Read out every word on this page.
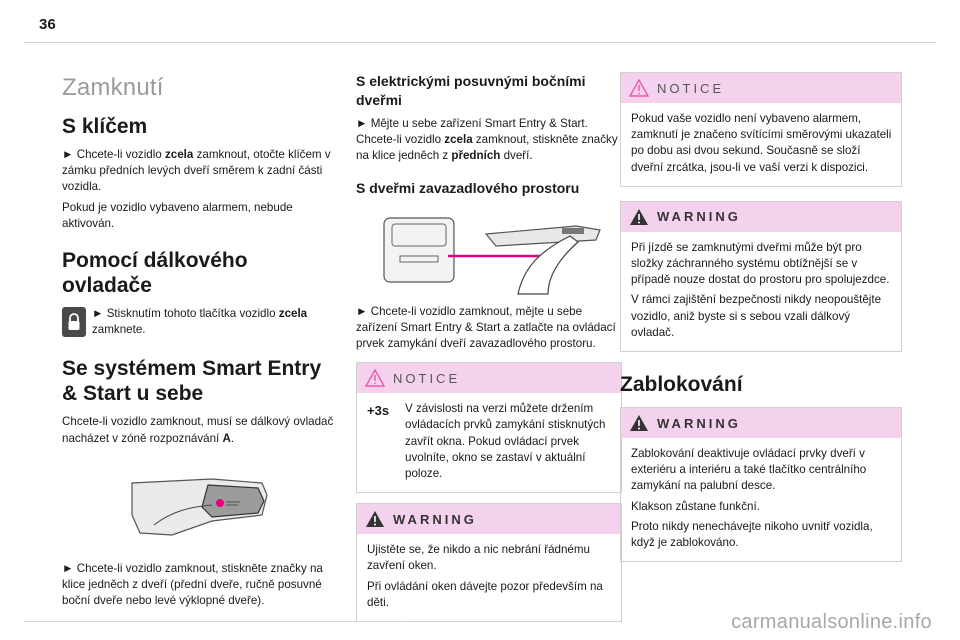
36
Zamknutí
S klíčem

► Chcete-li vozidlo zcela zamknout, otočte klíčem v zámku předních levých dveří směrem k zadní části vozidla.

Pokud je vozidlo vybaveno alarmem, nebude aktivován.

Pomocí dálkového ovladače

► Stisknutím tohoto tlačítka vozidlo zcela zamknete.

Se systémem Smart Entry & Start u sebe

Chcete-li vozidlo zamknout, musí se dálkový ovladač nacházet v zóně rozpoznávání A.

► Chcete-li vozidlo zamknout, stiskněte značky na klice jedněch z dveří (přední dveře, ručně posuvné boční dveře nebo levé výklopné dveře).

S elektrickými posuvnými bočními dveřmi

► Mějte u sebe zařízení Smart Entry & Start. Chcete-li vozidlo zcela zamknout, stiskněte značky na klice jedněch z předních dveří.

S dveřmi zavazadlového prostoru

► Chcete-li vozidlo zamknout, mějte u sebe zařízení Smart Entry & Start a zatlačte na ovládací prvek zamykání dveří zavazadlového prostoru.

NOTICE
+3s	V závislosti na verzi můžete držením ovládacích prvků zamykání stisknutých zavřít okna. Pokud ovládací prvek uvolníte, okno se zastaví v aktuální poloze.

WARNING

Ujistěte se, že nikdo a nic nebrání řádnému zavření oken.

Při ovládání oken dávejte pozor především na děti.

NOTICE

Pokud vaše vozidlo není vybaveno alarmem, zamknutí je značeno svítícími směrovými ukazateli po dobu asi dvou sekund. Současně se složí dveřní zrcátka, jsou-li ve vaší verzi k dispozici.

WARNING

Při jízdě se zamknutými dveřmi může být pro složky záchranného systému obtížnější se v případě nouze dostat do prostoru pro spolujezdce.

V rámci zajištění bezpečnosti nikdy neopouštějte vozidlo, aniž byste si s sebou vzali dálkový ovladač.

Zablokování
WARNING

Zablokování deaktivuje ovládací prvky dveří v exteriéru a interiéru a také tlačítko centrálního zamykání na palubní desce.

Klakson zůstane funkční.

Proto nikdy nenechávejte nikoho uvnitř vozidla, když je zablokováno.

carmanualsonline.info
